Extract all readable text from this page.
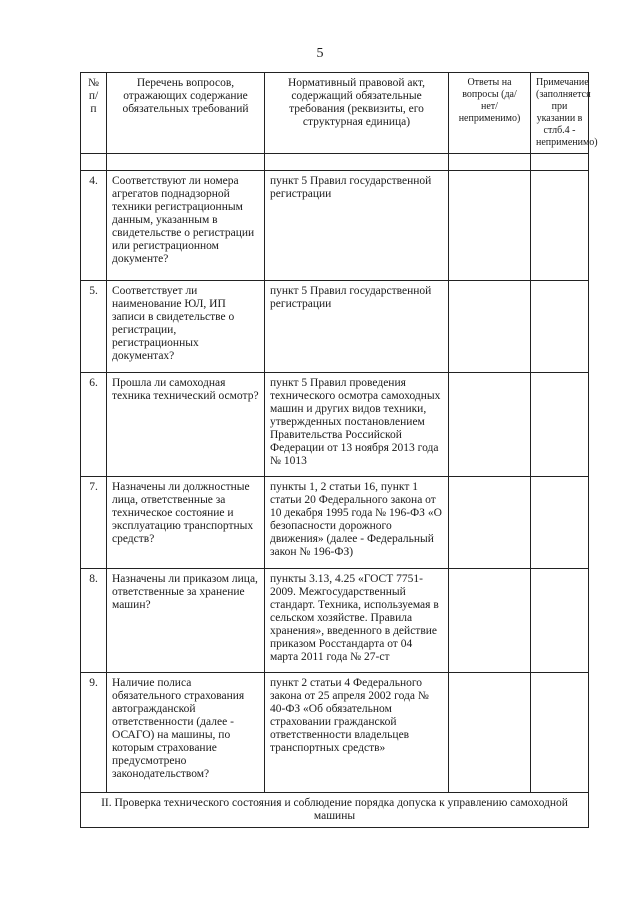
5
№ п/п	Перечень вопросов, отражающих содержание обязательных требований	Нормативный правовой акт, содержащий обязательные требования (реквизиты, его структурная единица)	Ответы на вопросы (да/нет/ неприменимо)	Примечание (заполняется при указании в стлб.4 - неприменимо)

4.	Соответствуют ли номера агрегатов поднадзорной техники регистрационным данным, указанным в свидетельстве о регистрации или регистрационном документе?	пункт 5 Правил государственной регистрации		
5.	Соответствует ли наименование ЮЛ, ИП записи в свидетельстве о регистрации, регистрационных документах?	пункт 5 Правил государственной регистрации		
6.	Прошла ли самоходная техника технический осмотр?	пункт 5 Правил проведения технического осмотра самоходных машин и других видов техники, утвержденных постановлением Правительства Российской Федерации от 13 ноября 2013 года № 1013		
7.	Назначены ли должностные лица, ответственные за техническое состояние и эксплуатацию транспортных средств?	пункты 1, 2 статьи 16, пункт 1 статьи 20 Федерального закона от 10 декабря 1995 года № 196-ФЗ «О безопасности дорожного движения» (далее - Федеральный закон № 196-ФЗ)		
8.	Назначены ли приказом лица, ответственные за хранение машин?	пункты 3.13, 4.25 «ГОСТ 7751-2009. Межгосударственный стандарт. Техника, используемая в сельском хозяйстве. Правила хранения», введенного в действие приказом Росстандарта от 04 марта 2011 года № 27-ст		
9.	Наличие полиса обязательного страхования автогражданской ответственности (далее - ОСАГО) на машины, по которым страхование предусмотрено законодательством?	пункт 2 статьи 4 Федерального закона от 25 апреля 2002 года № 40-ФЗ «Об обязательном страховании гражданской ответственности владельцев транспортных средств»		
II. Проверка технического состояния и соблюдение порядка допуска к управлению самоходной машины				
